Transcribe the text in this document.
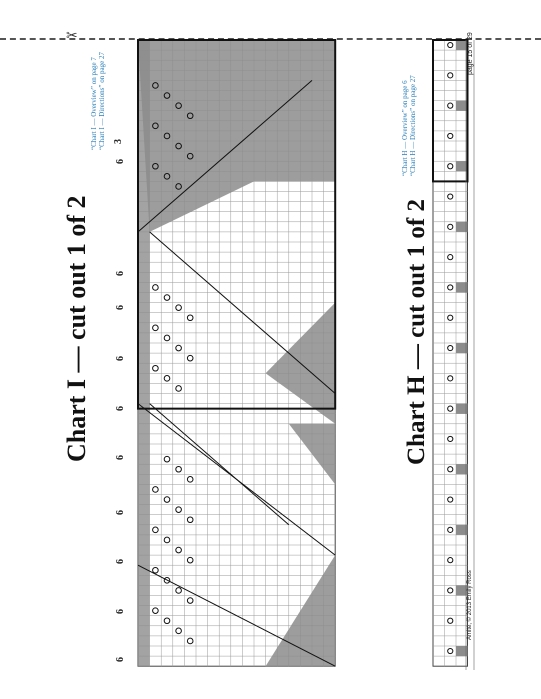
✂
Chart I — cut out 1 of 2
“Chart I — Overview” on page 7 “Chart I — Directions” on page 27
Chart H — cut out 1 of 2
“Chart H — Overview” on page 6 “Chart H — Directions” on page 27
page 15 of 29
Amité, © 2013 Emily Ross
6
6
6
6
6
6
6
6
6
6
3
